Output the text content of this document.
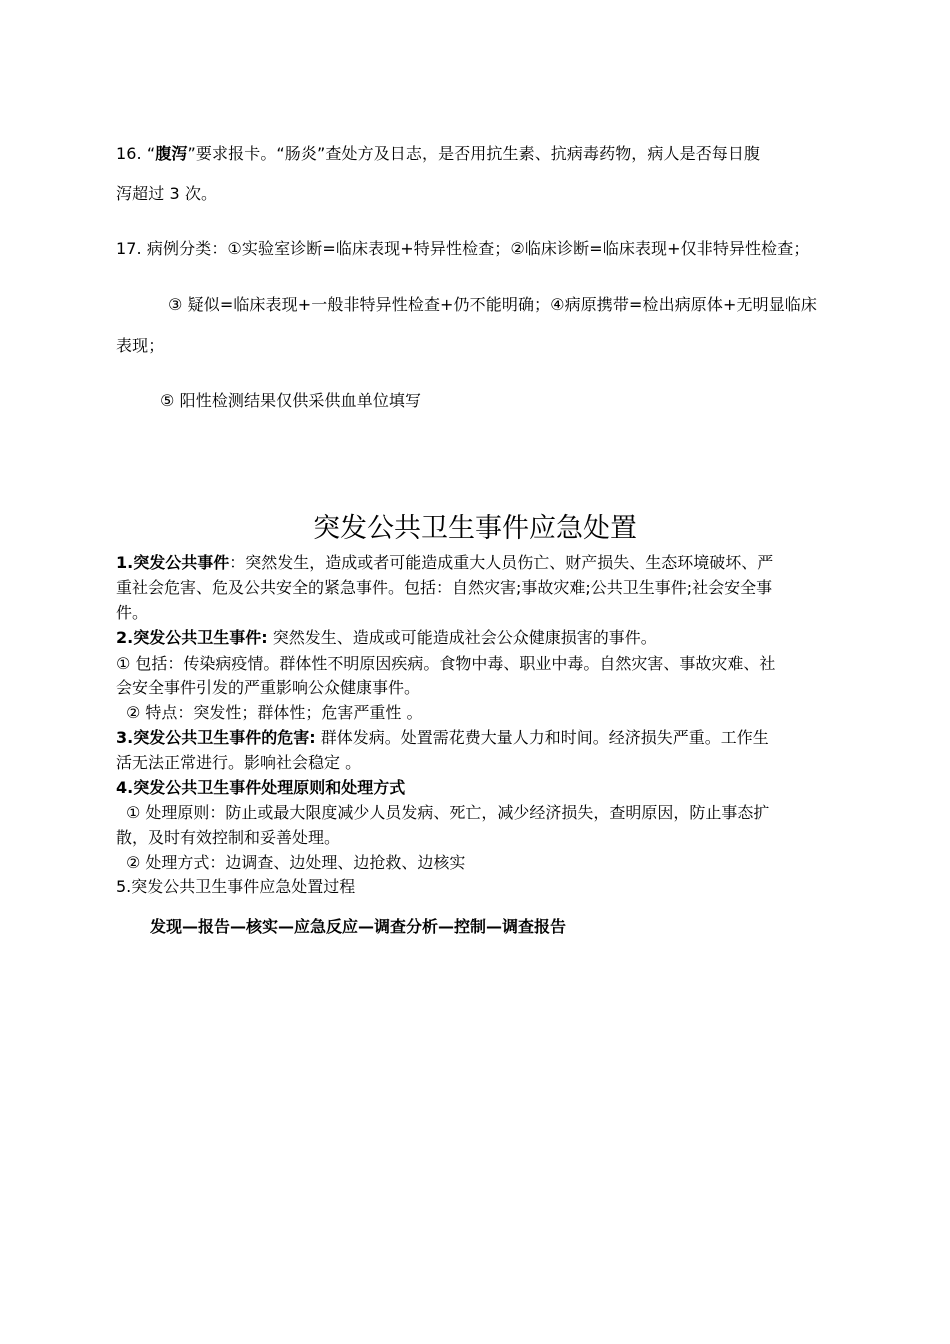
16. “腹泻”要求报卡。“肠炎”查处方及日志，是否用抗生素、抗病毒药物，病人是否每日腹
泻超过 3 次。
17. 病例分类：①实验室诊断=临床表现+特异性检查；②临床诊断=临床表现+仅非特异性检查；
③ 疑似=临床表现+一般非特异性检查+仍不能明确；④病原携带=检出病原体+无明显临床
表现；
⑤ 阳性检测结果仅供采供血单位填写
突发公共卫生事件应急处置
1.突发公共事件：突然发生，造成或者可能造成重大人员伤亡、财产损失、生态环境破坏、严
重社会危害、危及公共安全的紧急事件。包括：自然灾害;事故灾难;公共卫生事件;社会安全事
件。
2.突发公共卫生事件: 突然发生、造成或可能造成社会公众健康损害的事件。
① 包括：传染病疫情。群体性不明原因疾病。食物中毒、职业中毒。自然灾害、事故灾难、社
会安全事件引发的严重影响公众健康事件。
② 特点：突发性；群体性；危害严重性 。
3.突发公共卫生事件的危害: 群体发病。处置需花费大量人力和时间。经济损失严重。工作生
活无法正常进行。影响社会稳定 。
4.突发公共卫生事件处理原则和处理方式
① 处理原则：防止或最大限度减少人员发病、死亡，减少经济损失，查明原因，防止事态扩
散，及时有效控制和妥善处理。
② 处理方式：边调查、边处理、边抢救、边核实
5.突发公共卫生事件应急处置过程
发现—报告—核实—应急反应—调查分析—控制—调查报告
